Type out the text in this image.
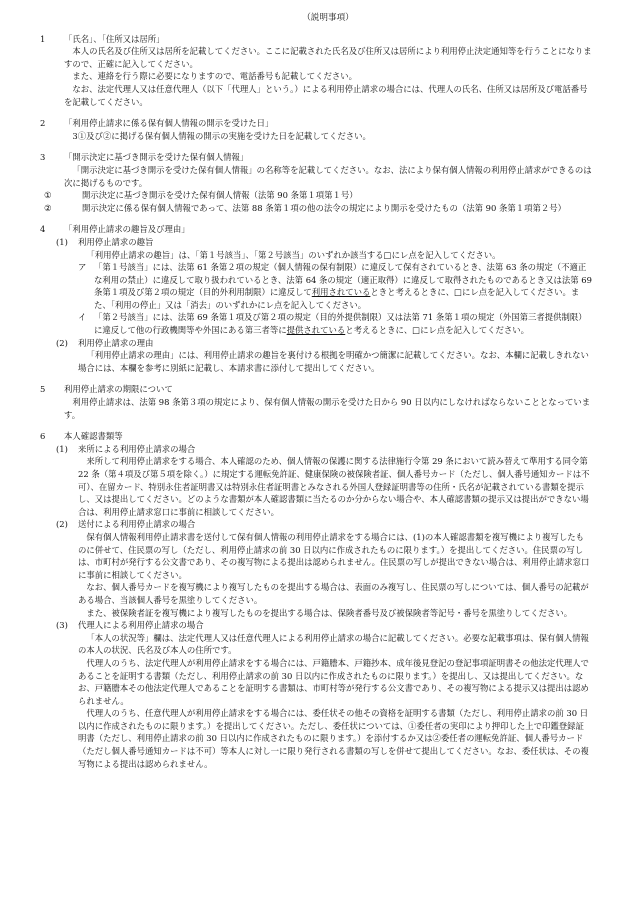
（説明事項）
1 「氏名」、「住所又は居所」

本人の氏名及び住所又は居所を記載してください。ここに記載された氏名及び住所又は居所により利用停止決定通知等を行うことになりますので、正確に記入してください。

また、連絡を行う際に必要になりますので、電話番号も記載してください。

なお、法定代理人又は任意代理人（以下「代理人」という。）による利用停止請求の場合には、代理人の氏名、住所又は居所及び電話番号を記載してください。

2 「利用停止請求に係る保有個人情報の開示を受けた日」

3①及び②に掲げる保有個人情報の開示の実施を受けた日を記載してください。

3 「開示決定に基づき開示を受けた保有個人情報」

「開示決定に基づき開示を受けた保有個人情報」の名称等を記載してください。なお、法により保有個人情報の利用停止請求ができるのは次に掲げるものです。

①	開示決定に基づき開示を受けた保有個人情報（法第 90 条第１項第１号）
②	開示決定に係る保有個人情報であって、法第 88 条第１項の他の法令の規定により開示を受けたもの（法第 90 条第１項第２号）
4 「利用停止請求の趣旨及び理由」
(1) 利用停止請求の趣旨

「利用停止請求の趣旨」は、「第１号該当」、「第２号該当」のいずれか該当する□にレ点を記入してください。

ア 「第１号該当」には、法第 61 条第２項の規定（個人情報の保有制限）に違反して保有されているとき、法第 63 条の規定（不適正な利用の禁止）に違反して取り扱われているとき、法第 64 条の規定（適正取得）に違反して取得されたものであるとき又は法第 69 条第１項及び第２項の規定（目的外利用制限）に違反して利用されているときと考えるときに、□にレ点を記入してください。また、「利用の停止」又は「消去」のいずれかにレ点を記入してください。
イ 「第２号該当」には、法第 69 条第１項及び第２項の規定（目的外提供制限）又は法第 71 条第１項の規定（外国第三者提供制限）に違反して他の行政機関等や外国にある第三者等に提供されていると考えるときに、□にレ点を記入してください。
(2) 利用停止請求の理由

「利用停止請求の理由」には、利用停止請求の趣旨を裏付ける根拠を明確かつ簡潔に記載してください。なお、本欄に記載しきれない場合には、本欄を参考に別紙に記載し、本請求書に添付して提出してください。

5 利用停止請求の期限について

利用停止請求は、法第 98 条第３項の規定により、保有個人情報の開示を受けた日から 90 日以内にしなければならないこととなっています。

6 本人確認書類等
(1) 来所による利用停止請求の場合

来所して利用停止請求をする場合、本人確認のため、個人情報の保護に関する法律施行令第 29 条において読み替えて準用する同令第 22 条（第４項及び第５項を除く。）に規定する運転免許証、健康保険の被保険者証、個人番号カード（ただし、個人番号通知カードは不可）、在留カード、特別永住者証明書又は特別永住者証明書とみなされる外国人登録証明書等の住所・氏名が記載されている書類を提示し、又は提出してください。どのような書類が本人確認書類に当たるのか分からない場合や、本人確認書類の提示又は提出ができない場合は、利用停止請求窓口に事前に相談してください。

(2) 送付による利用停止請求の場合

保有個人情報利用停止請求書を送付して保有個人情報の利用停止請求をする場合には、(1)の本人確認書類を複写機により複写したものに併せて、住民票の写し（ただし、利用停止請求の前 30 日以内に作成されたものに限ります。）を提出してください。住民票の写しは、市町村が発行する公文書であり、その複写物による提出は認められません。住民票の写しが提出できない場合は、利用停止請求窓口に事前に相談してください。

なお、個人番号カードを複写機により複写したものを提出する場合は、表面のみ複写し、住民票の写しについては、個人番号の記載がある場合、当該個人番号を黒塗りしてください。

また、被保険者証を複写機により複写したものを提出する場合は、保険者番号及び被保険者等記号・番号を黒塗りしてください。

(3) 代理人による利用停止請求の場合

「本人の状況等」欄は、法定代理人又は任意代理人による利用停止請求の場合に記載してください。必要な記載事項は、保有個人情報の本人の状況、氏名及び本人の住所です。

代理人のうち、法定代理人が利用停止請求をする場合には、戸籍謄本、戸籍抄本、成年後見登記の登記事項証明書その他法定代理人であることを証明する書類（ただし、利用停止請求の前 30 日以内に作成されたものに限ります。）を提出し、又は提出してください。なお、戸籍謄本その他法定代理人であることを証明する書類は、市町村等が発行する公文書であり、その複写物による提示又は提出は認められません。

代理人のうち、任意代理人が利用停止請求をする場合には、委任状その他その資格を証明する書類（ただし、利用停止請求の前 30 日以内に作成されたものに限ります。）を提出してください。ただし、委任状については、①委任者の実印により押印した上で印鑑登録証明書（ただし、利用停止請求の前 30 日以内に作成されたものに限ります。）を添付するか又は②委任者の運転免許証、個人番号カード（ただし個人番号通知カードは不可）等本人に対し一に限り発行される書類の写しを併せて提出してください。なお、委任状は、その複写物による提出は認められません。
